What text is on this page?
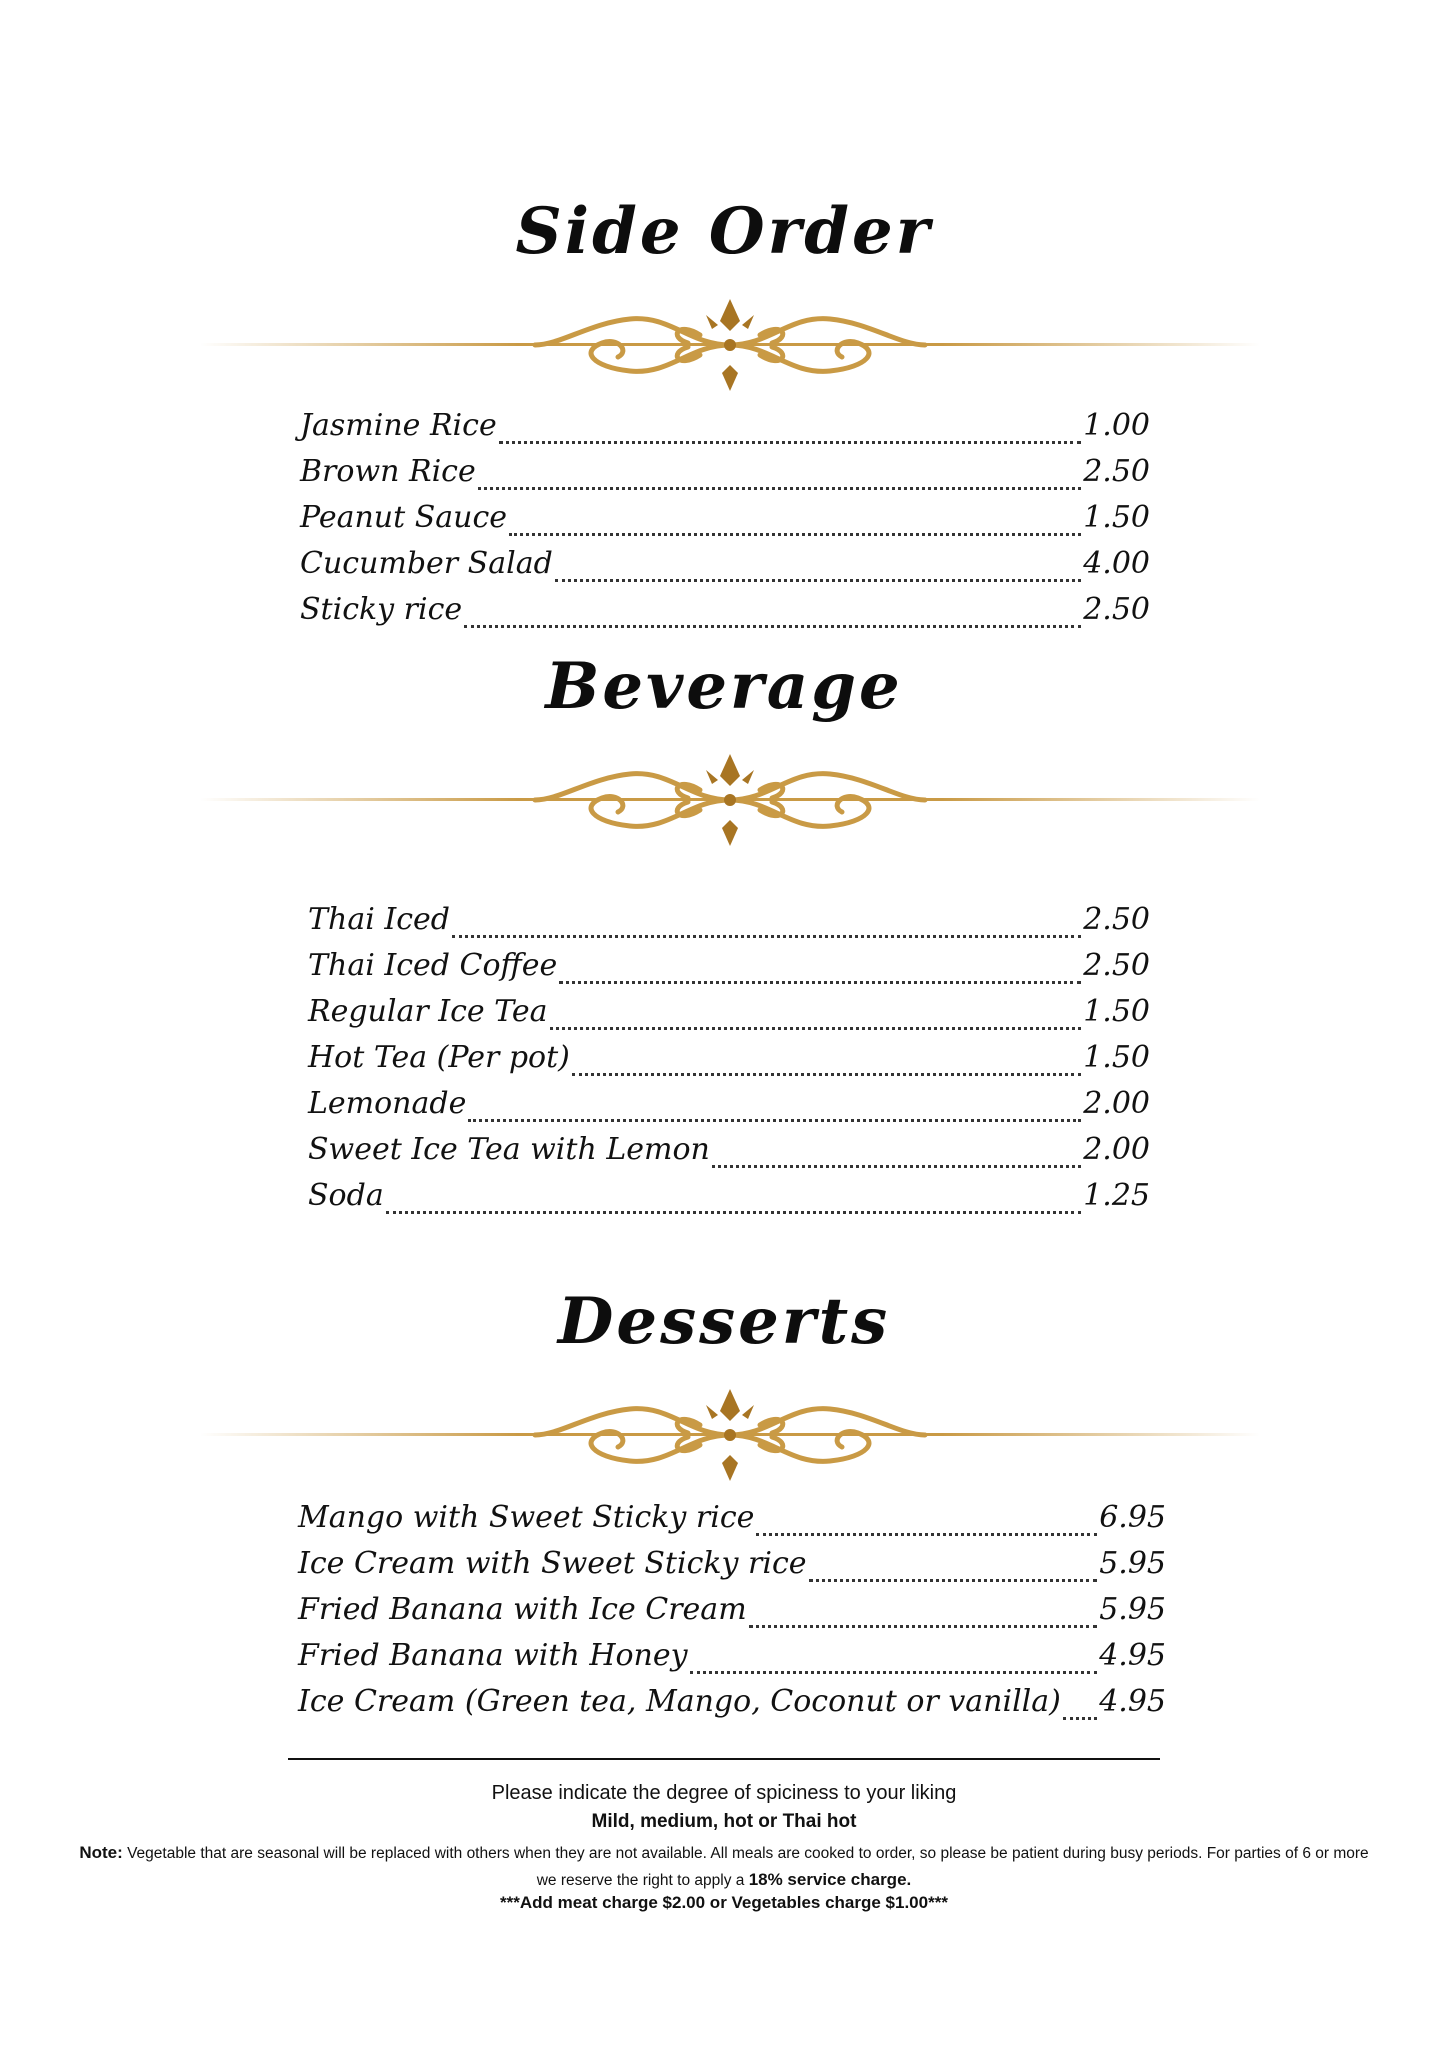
Side Order
Jasmine Rice	1.00
Brown Rice	2.50
Peanut Sauce	1.50
Cucumber Salad	4.00
Sticky rice	2.50
Beverage
Thai Iced	2.50
Thai Iced Coffee	2.50
Regular Ice Tea	1.50
Hot Tea (Per pot)	1.50
Lemonade	2.00
Sweet Ice Tea with Lemon	2.00
Soda	1.25
Desserts
Mango with Sweet Sticky rice	6.95
Ice Cream with Sweet Sticky rice	5.95
Fried Banana with Ice Cream	5.95
Fried Banana with Honey	4.95
Ice Cream (Green tea, Mango, Coconut or vanilla) 4.95
Please indicate the degree of spiciness to your liking
Mild, medium, hot or Thai hot
Note: Vegetable that are seasonal will be replaced with others when they are not available. All meals are cooked to order, so please be patient during busy periods. For parties of 6 or more we reserve the right to apply a 18% service charge.
***Add meat charge $2.00 or Vegetables charge $1.00***
